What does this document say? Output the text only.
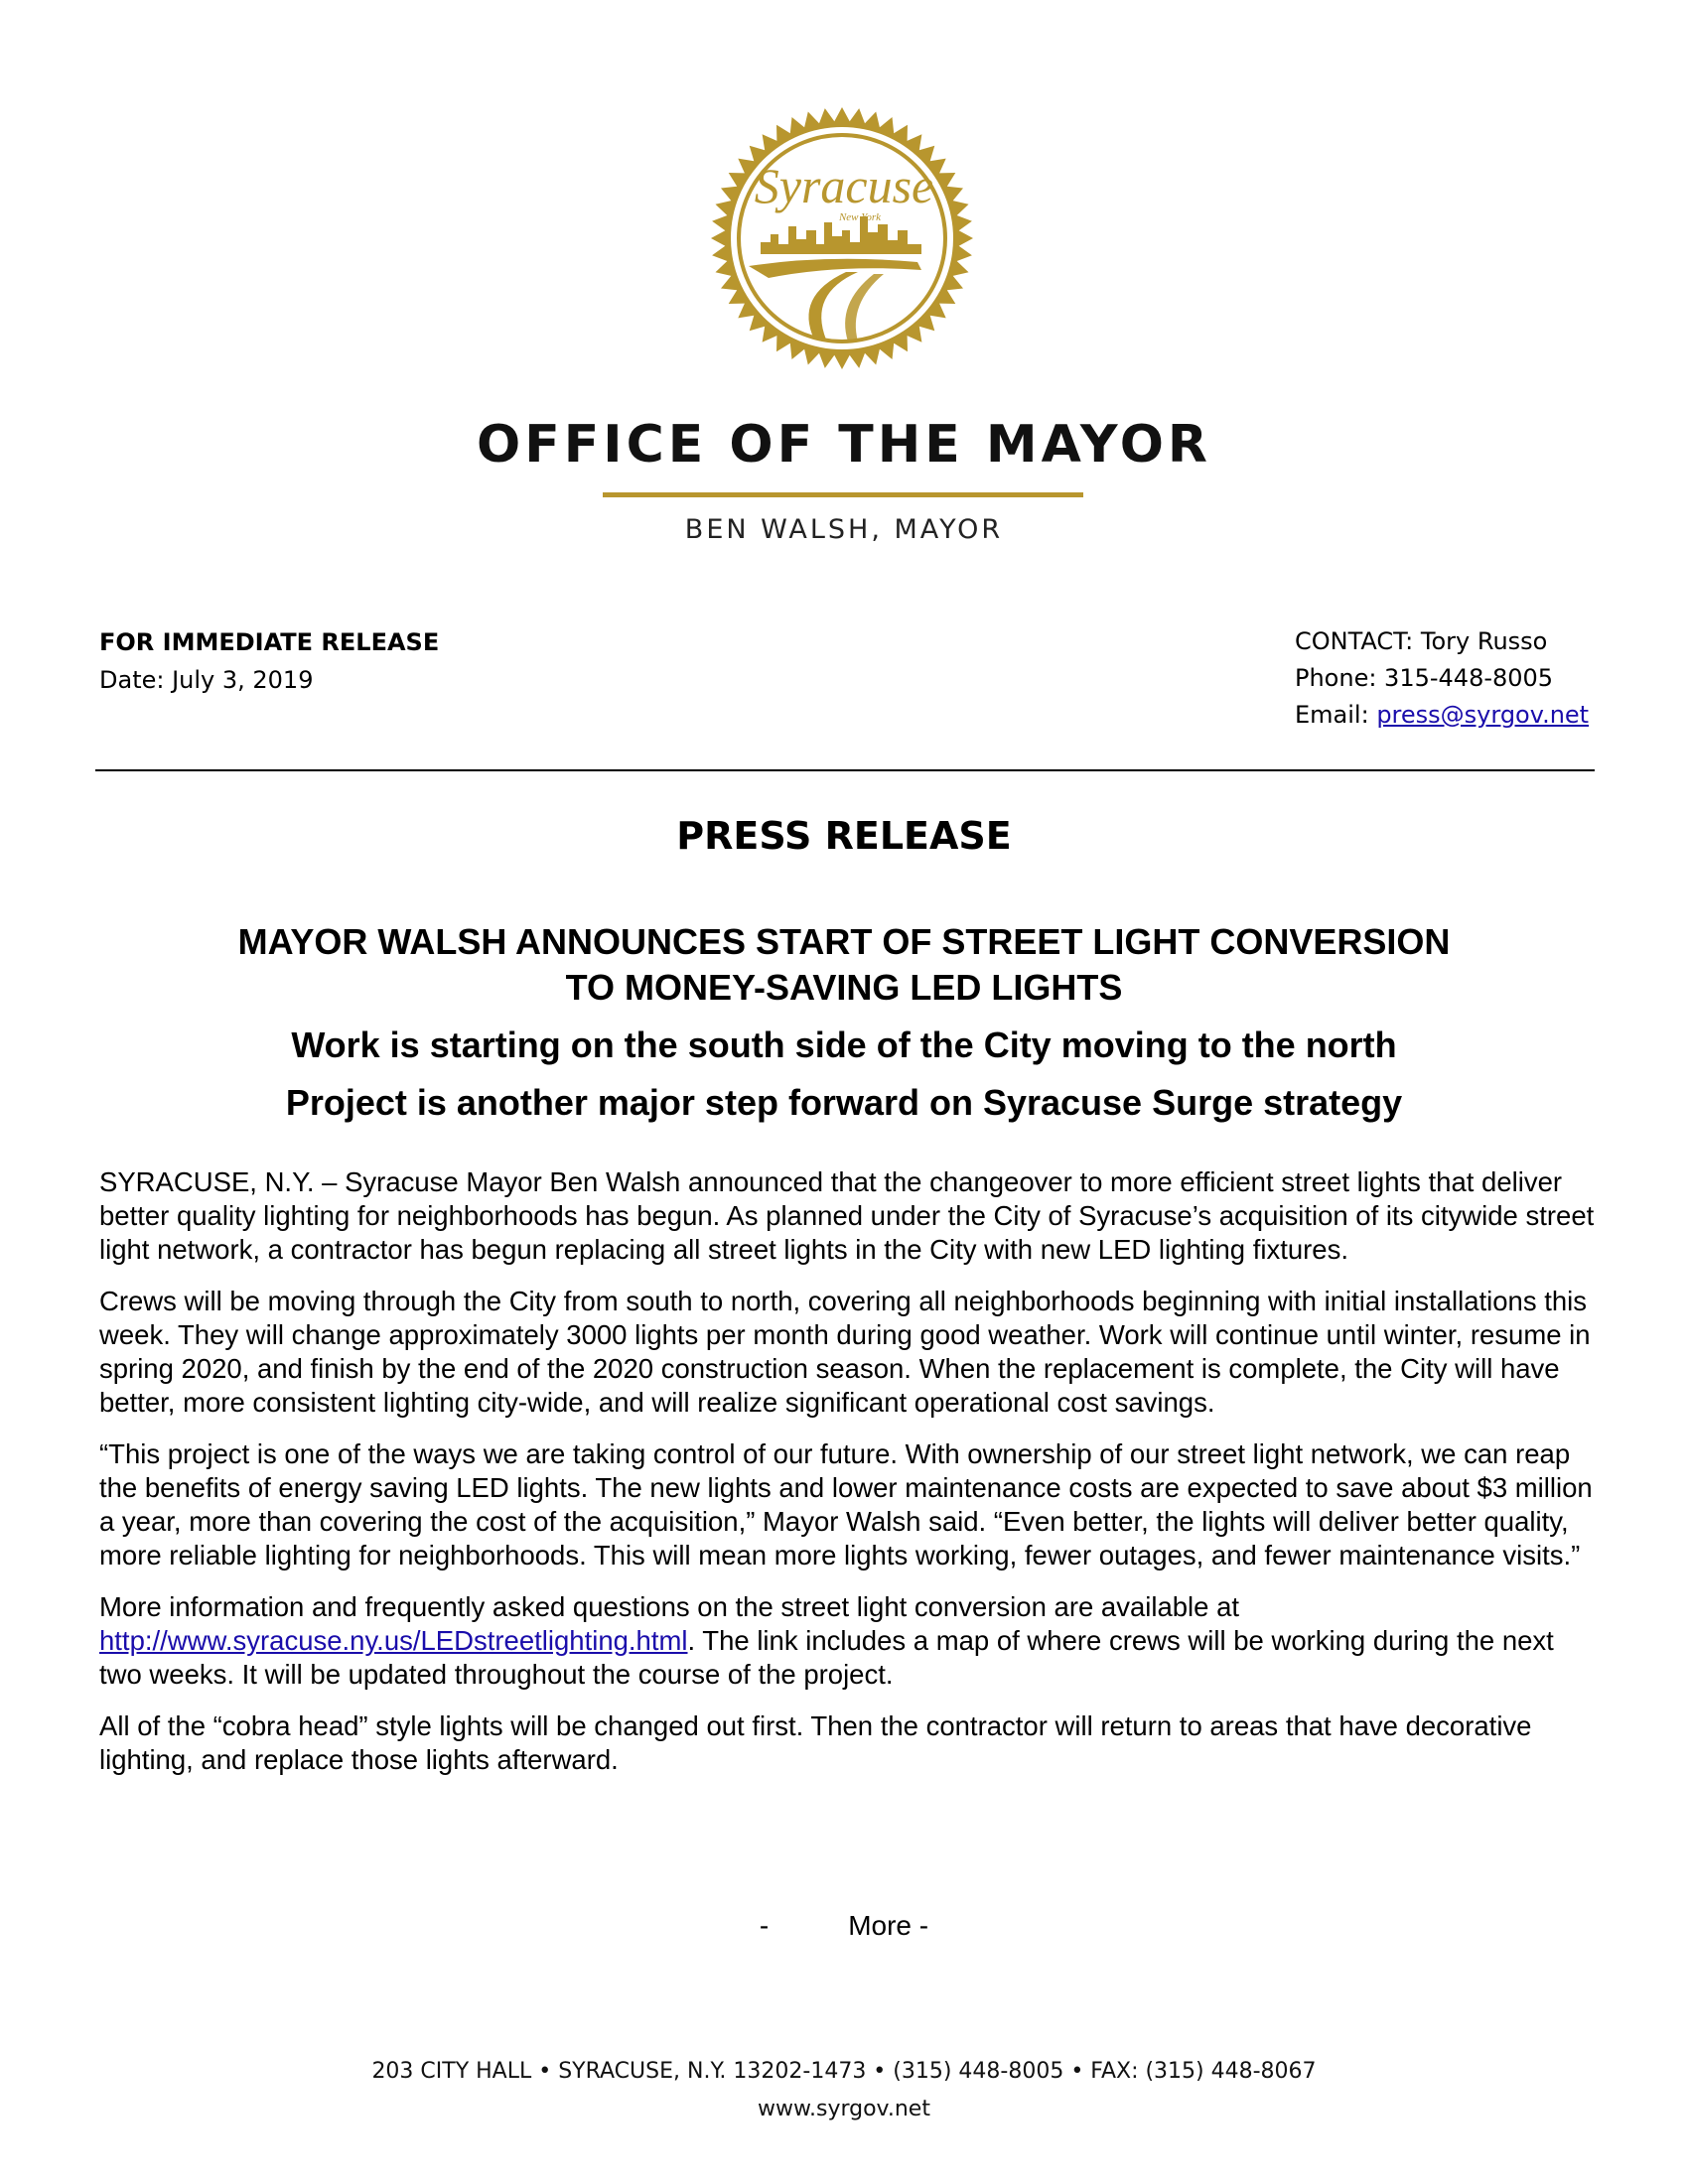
Syracuse
New York
OFFICE OF THE MAYOR
BEN WALSH, MAYOR
FOR IMMEDIATE RELEASE
Date: July 3, 2019
CONTACT: Tory Russo
Phone: 315-448-8005
Email: press@syrgov.net
PRESS RELEASE
MAYOR WALSH ANNOUNCES START OF STREET LIGHT CONVERSION
TO MONEY-SAVING LED LIGHTS
Work is starting on the south side of the City moving to the north
Project is another major step forward on Syracuse Surge strategy

SYRACUSE, N.Y. – Syracuse Mayor Ben Walsh announced that the changeover to more efficient street lights that deliver better quality lighting for neighborhoods has begun. As planned under the City of Syracuse’s acquisition of its citywide street light network, a contractor has begun replacing all street lights in the City with new LED lighting fixtures.

Crews will be moving through the City from south to north, covering all neighborhoods beginning with initial installations this week. They will change approximately 3000 lights per month during good weather. Work will continue until winter, resume in spring 2020, and finish by the end of the 2020 construction season. When the replacement is complete, the City will have better, more consistent lighting city-wide, and will realize significant operational cost savings.

“This project is one of the ways we are taking control of our future. With ownership of our street light network, we can reap the benefits of energy saving LED lights. The new lights and lower maintenance costs are expected to save about $3 million a year, more than covering the cost of the acquisition,” Mayor Walsh said. “Even better, the lights will deliver better quality, more reliable lighting for neighborhoods. This will mean more lights working, fewer outages, and fewer maintenance visits.”

More information and frequently asked questions on the street light conversion are available at http://www.syracuse.ny.us/LEDstreetlighting.html. The link includes a map of where crews will be working during the next two weeks. It will be updated throughout the course of the project.

All of the “cobra head” style lights will be changed out first. Then the contractor will return to areas that have decorative lighting, and replace those lights afterward.

-	More -
203 CITY HALL • SYRACUSE, N.Y. 13202-1473 • (315) 448-8005 • FAX: (315) 448-8067
www.syrgov.net
